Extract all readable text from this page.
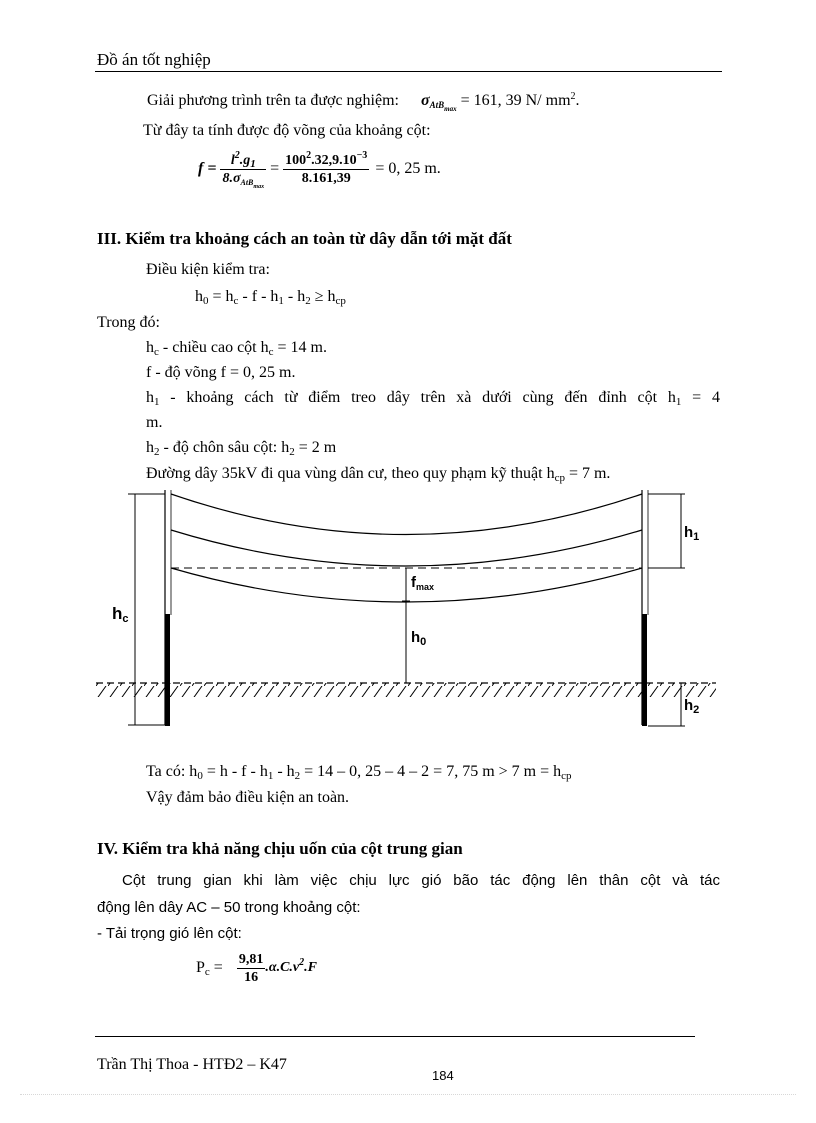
Đồ án tốt nghiệp
Giải phương trình trên ta được nghiệm: $\sigma_{AtB_{max}} = 161$, 39 N/ $mm^2$.
Từ đây ta tính được độ võng của khoảng cột:
$f = \frac{l^2.g_1}{8.\sigma_{AtB_{max}}} = \frac{100^2.32,9.10^{-3}}{8.161,39} = 0$, 25 m.
III. Kiểm tra khoảng cách an toàn từ dây dẫn tới mặt đất
Điều kiện kiểm tra:
$h_0 = h_c - f - h_1 - h_2 \ge h_{cp}$
Trong đó:
$h_c$ - chiều cao cột $h_c = 14$ m.
f - độ võng f = 0, 25 m.
$h_1$ - khoảng cách từ điểm treo dây trên xà dưới cùng đến đỉnh cột $h_1 = 4$
m.
$h_2$ - độ chôn sâu cột: $h_2 = 2$ m
Đường dây 35kV đi qua vùng dân cư, theo quy phạm kỹ thuật $h_{cp} = 7$ m.
$h_c$
$h_1$
$f_{max}$
$h_0$
$h_2$
Ta có: $h_0 = h - f - h_1 - h_2 = 14 - 0$, 25 – 4 – 2 = 7, 75 m > 7 $m = h_{cp}$
Vậy đảm bảo điều kiện an toàn.
IV. Kiểm tra khả năng chịu uốn của cột trung gian
Cột trung gian khi làm việc chịu lực gió bão tác động lên thân cột và tác
động lên dây AC – 50 trong khoảng cột:
- Tải trọng gió lên cột:
$P_c = \frac{9,81}{16} .\alpha.C.v^2.F$
Trần Thị Thoa - HTĐ2 – K47
184
